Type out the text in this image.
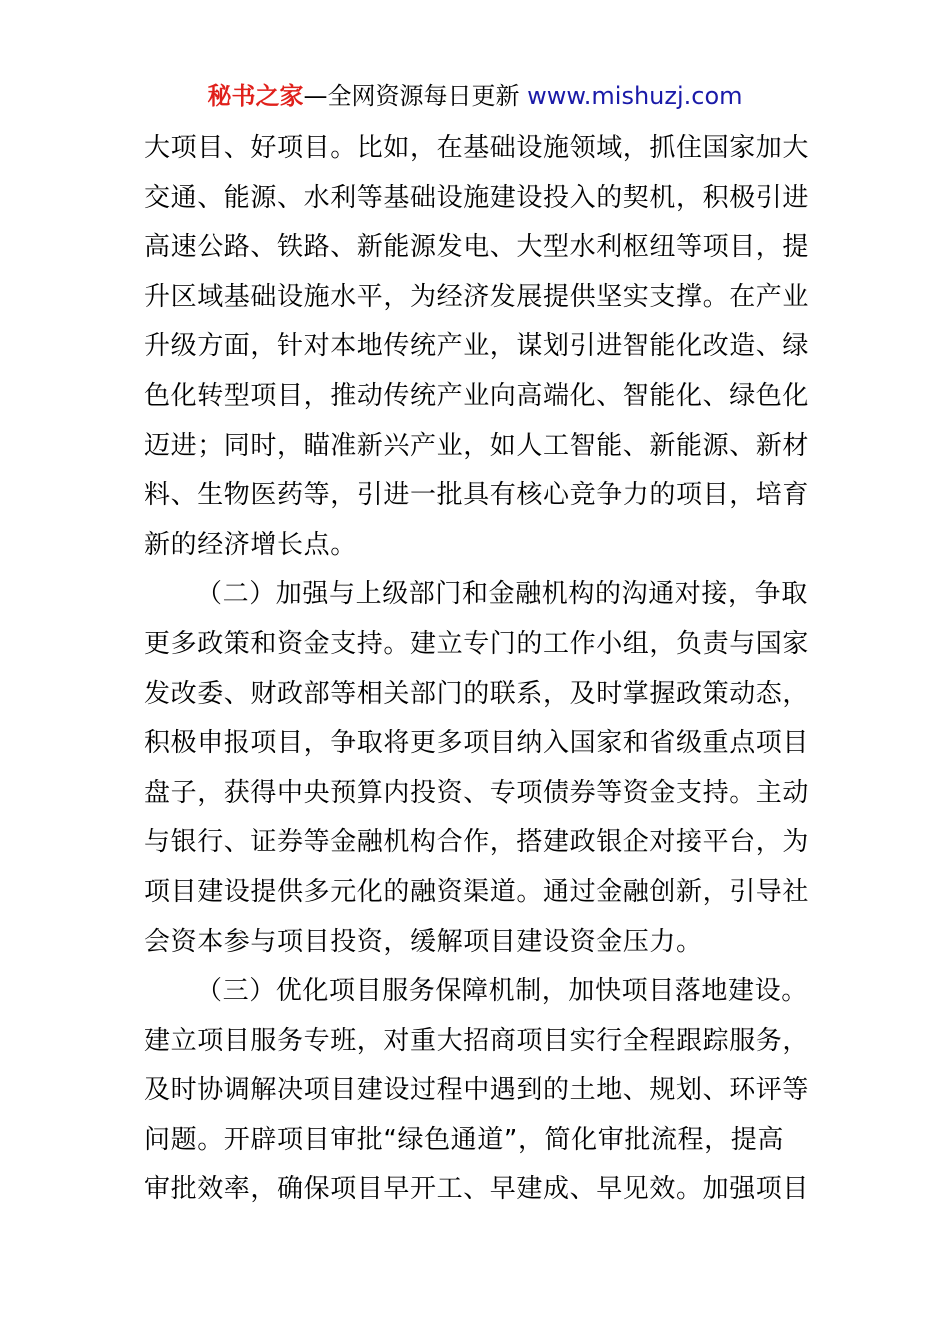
秘书之家—全网资源每日更新 www.mishuzj.com
大项目、好项目。比如，在基础设施领域，抓住国家加大
交通、能源、水利等基础设施建设投入的契机，积极引进
高速公路、铁路、新能源发电、大型水利枢纽等项目，提
升区域基础设施水平，为经济发展提供坚实支撑。在产业
升级方面，针对本地传统产业，谋划引进智能化改造、绿
色化转型项目，推动传统产业向高端化、智能化、绿色化
迈进；同时，瞄准新兴产业，如人工智能、新能源、新材
料、生物医药等，引进一批具有核心竞争力的项目，培育
新的经济增长点。
（二）加强与上级部门和金融机构的沟通对接，争取
更多政策和资金支持。建立专门的工作小组，负责与国家
发改委、财政部等相关部门的联系，及时掌握政策动态，
积极申报项目，争取将更多项目纳入国家和省级重点项目
盘子，获得中央预算内投资、专项债券等资金支持。主动
与银行、证券等金融机构合作，搭建政银企对接平台，为
项目建设提供多元化的融资渠道。通过金融创新，引导社
会资本参与项目投资，缓解项目建设资金压力。
（三）优化项目服务保障机制，加快项目落地建设。
建立项目服务专班，对重大招商项目实行全程跟踪服务，
及时协调解决项目建设过程中遇到的土地、规划、环评等
问题。开辟项目审批“绿色通道”，简化审批流程，提高
审批效率，确保项目早开工、早建成、早见效。加强项目
